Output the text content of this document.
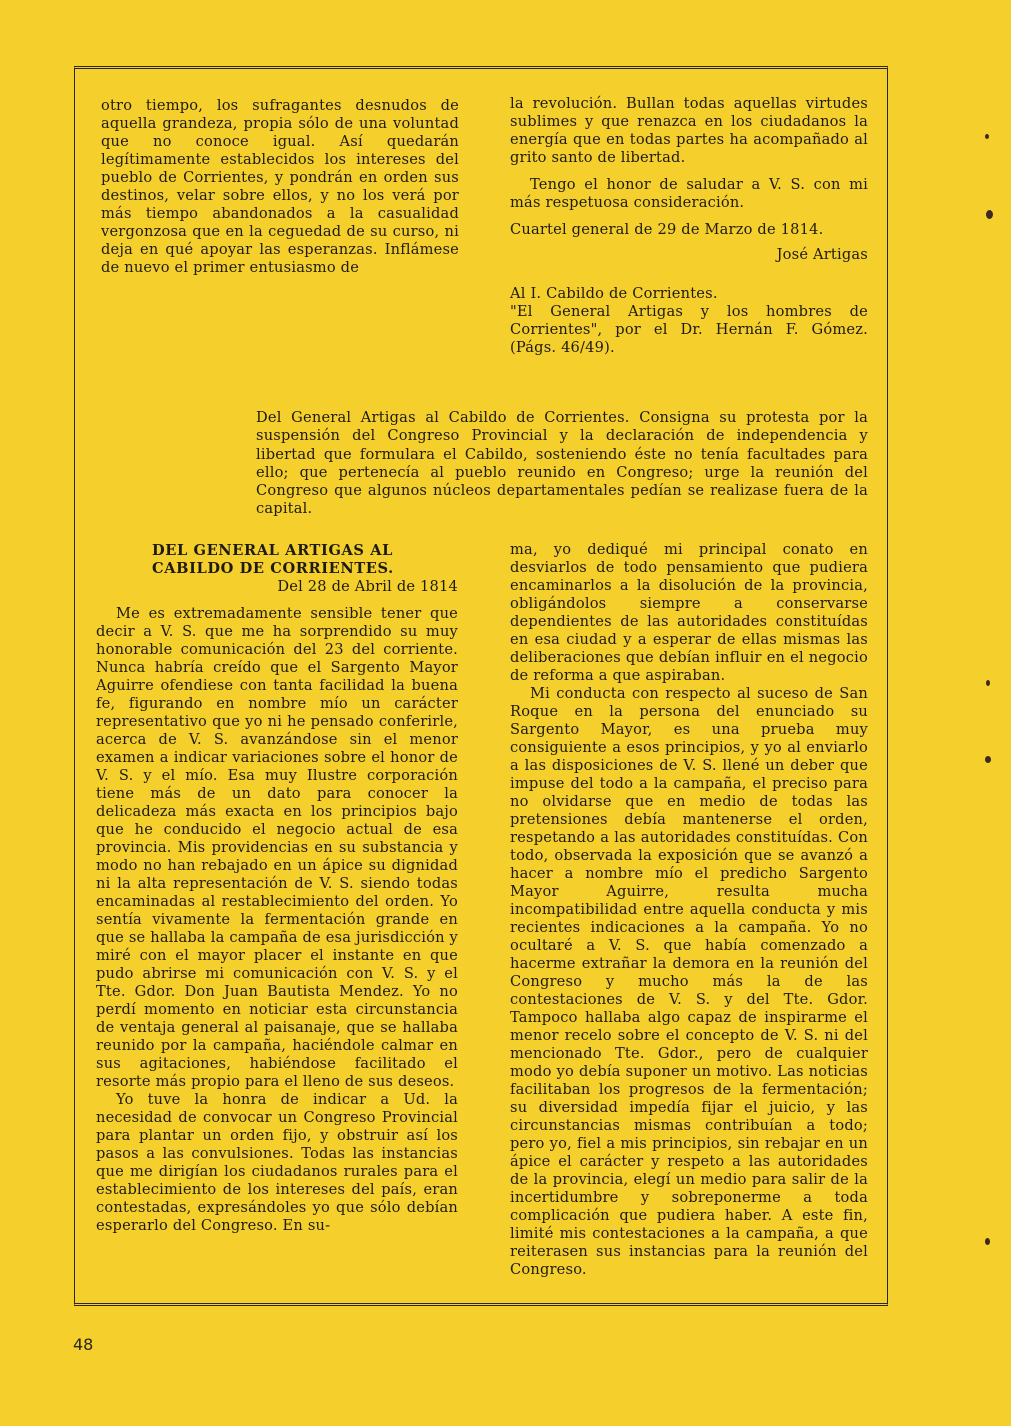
otro tiempo, los sufragantes desnudos de aquella grandeza, propia sólo de una voluntad que no conoce igual. Así quedarán legítimamente establecidos los intereses del pueblo de Corrientes, y pondrán en orden sus destinos, velar sobre ellos, y no los verá por más tiempo abandonados a la casualidad vergonzosa que en la ceguedad de su curso, ni deja en qué apoyar las esperanzas. Inflámese de nuevo el primer entusiasmo de

la revolución. Bullan todas aquellas virtudes sublimes y que renazca en los ciudadanos la energía que en todas partes ha acompañado al grito santo de libertad.

Tengo el honor de saludar a V. S. con mi más respetuosa consideración.

Cuartel general de 29 de Marzo de 1814.

José Artigas

Al I. Cabildo de Corrientes.

"El General Artigas y los hombres de Corrientes", por el Dr. Hernán F. Gómez. (Págs. 46/49).

Del General Artigas al Cabildo de Corrientes. Consigna su protesta por la suspensión del Congreso Provincial y la declaración de independencia y libertad que formulara el Cabildo, sosteniendo éste no tenía facultades para ello; que pertenecía al pueblo reunido en Congreso; urge la reunión del Congreso que algunos núcleos departamentales pedían se realizase fuera de la capital.

DEL GENERAL ARTIGAS AL CABILDO DE CORRIENTES.

Del 28 de Abril de 1814

Me es extremadamente sensible tener que decir a V. S. que me ha sorprendido su muy honorable comunicación del 23 del corriente. Nunca habría creído que el Sargento Mayor Aguirre ofendiese con tanta facilidad la buena fe, figurando en nombre mío un carácter representativo que yo ni he pensado conferirle, acerca de V. S. avanzándose sin el menor examen a indicar variaciones sobre el honor de V. S. y el mío. Esa muy Ilustre corporación tiene más de un dato para conocer la delicadeza más exacta en los principios bajo que he conducido el negocio actual de esa provincia. Mis providencias en su substancia y modo no han rebajado en un ápice su dignidad ni la alta representación de V. S. siendo todas encaminadas al restablecimiento del orden. Yo sentía vivamente la fermentación grande en que se hallaba la campaña de esa jurisdicción y miré con el mayor placer el instante en que pudo abrirse mi comunicación con V. S. y el Tte. Gdor. Don Juan Bautista Mendez. Yo no perdí momento en noticiar esta circunstancia de ventaja general al paisanaje, que se hallaba reunido por la campaña, haciéndole calmar en sus agitaciones, habiéndose facilitado el resorte más propio para el lleno de sus deseos.

Yo tuve la honra de indicar a Ud. la necesidad de convocar un Congreso Provincial para plantar un orden fijo, y obstruir así los pasos a las convulsiones. Todas las instancias que me dirigían los ciudadanos rurales para el establecimiento de los intereses del país, eran contestadas, expresándoles yo que sólo debían esperarlo del Congreso. En su-

ma, yo dediqué mi principal conato en desviarlos de todo pensamiento que pudiera encaminarlos a la disolución de la provincia, obligándolos siempre a conservarse dependientes de las autoridades constituídas en esa ciudad y a esperar de ellas mismas las deliberaciones que debían influir en el negocio de reforma a que aspiraban.

Mi conducta con respecto al suceso de San Roque en la persona del enunciado su Sargento Mayor, es una prueba muy consiguiente a esos principios, y yo al enviarlo a las disposiciones de V. S. llené un deber que impuse del todo a la campaña, el preciso para no olvidarse que en medio de todas las pretensiones debía mantenerse el orden, respetando a las autoridades constituídas. Con todo, observada la exposición que se avanzó a hacer a nombre mío el predicho Sargento Mayor Aguirre, resulta mucha incompatibilidad entre aquella conducta y mis recientes indicaciones a la campaña. Yo no ocultaré a V. S. que había comenzado a hacerme extrañar la demora en la reunión del Congreso y mucho más la de las contestaciones de V. S. y del Tte. Gdor. Tampoco hallaba algo capaz de inspirarme el menor recelo sobre el concepto de V. S. ni del mencionado Tte. Gdor., pero de cualquier modo yo debía suponer un motivo. Las noticias facilitaban los progresos de la fermentación; su diversidad impedía fijar el juicio, y las circunstancias mismas contribuían a todo; pero yo, fiel a mis principios, sin rebajar en un ápice el carácter y respeto a las autoridades de la provincia, elegí un medio para salir de la incertidumbre y sobreponerme a toda complicación que pudiera haber. A este fin, limité mis contestaciones a la campaña, a que reiterasen sus instancias para la reunión del Congreso.

48
